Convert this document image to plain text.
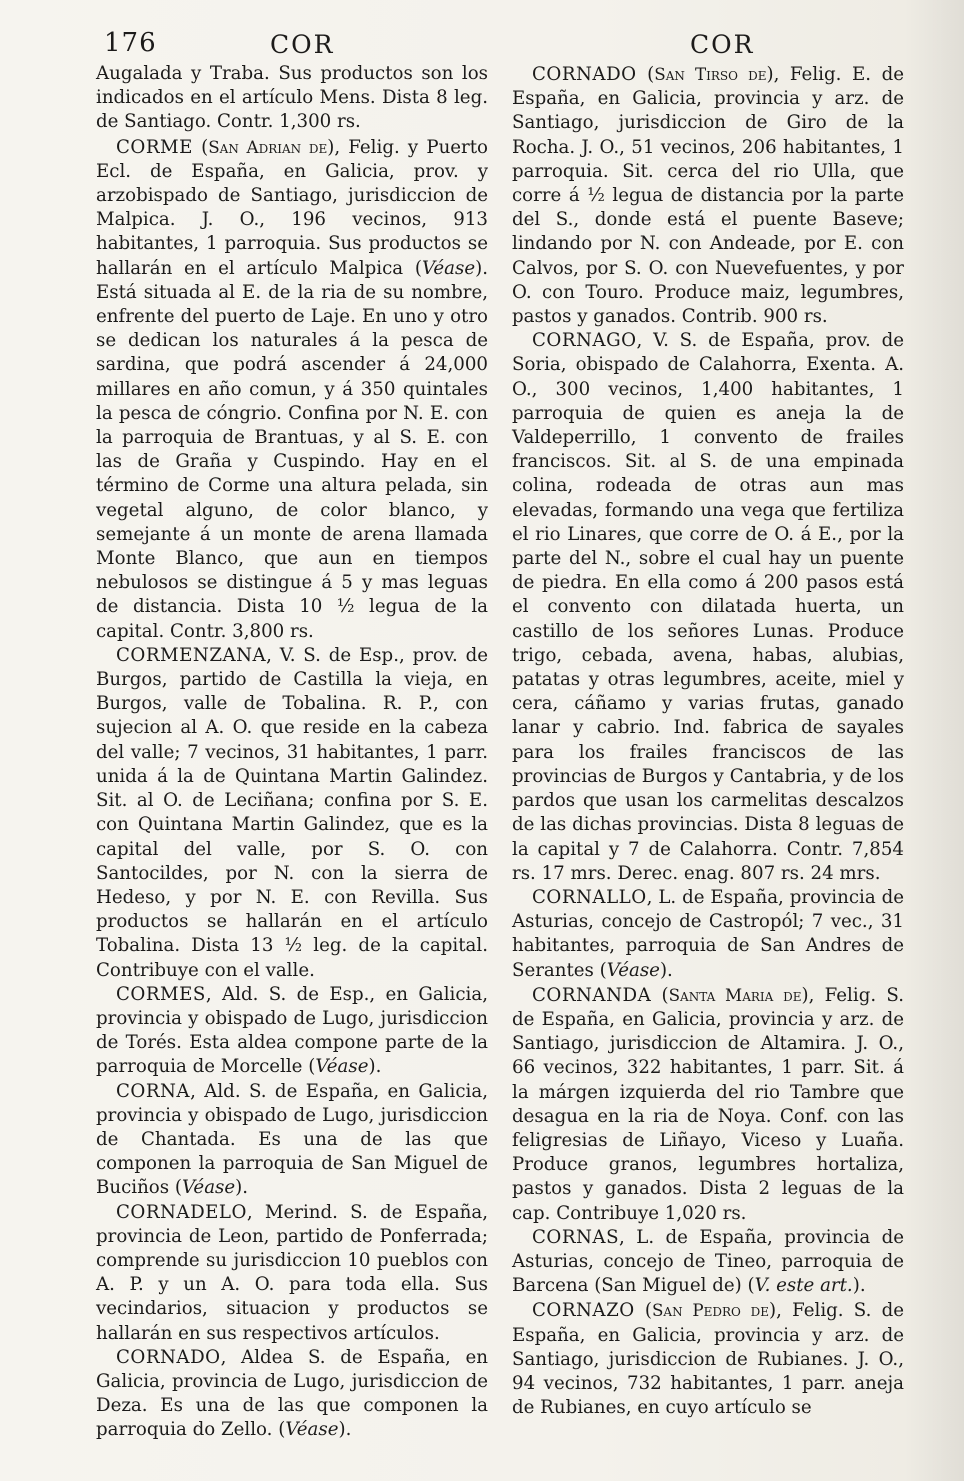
176	COR	COR

Augalada y Traba. Sus productos son los indicados en el artículo Mens. Dista 8 leg. de Santiago. Contr. 1,300 rs.

CORME (San Adrian de), Felig. y Puerto Ecl. de España, en Galicia, prov. y arzobispado de Santiago, jurisdiccion de Malpica. J. O., 196 vecinos, 913 habitantes, 1 parroquia. Sus productos se hallarán en el artículo Malpica (Véase). Está situada al E. de la ria de su nombre, enfrente del puerto de Laje. En uno y otro se dedican los naturales á la pesca de sardina, que podrá ascender á 24,000 millares en año comun, y á 350 quintales la pesca de cóngrio. Confina por N. E. con la parroquia de Brantuas, y al S. E. con las de Graña y Cuspindo. Hay en el término de Corme una altura pelada, sin vegetal alguno, de color blanco, y semejante á un monte de arena llamada Monte Blanco, que aun en tiempos nebulosos se distingue á 5 y mas leguas de distancia. Dista 10 ½ legua de la capital. Contr. 3,800 rs.

CORMENZANA, V. S. de Esp., prov. de Burgos, partido de Castilla la vieja, en Burgos, valle de Tobalina. R. P., con sujecion al A. O. que reside en la cabeza del valle; 7 vecinos, 31 habitantes, 1 parr. unida á la de Quintana Martin Galindez. Sit. al O. de Leciñana; confina por S. E. con Quintana Martin Galindez, que es la capital del valle, por S. O. con Santocildes, por N. con la sierra de Hedeso, y por N. E. con Revilla. Sus productos se hallarán en el artículo Tobalina. Dista 13 ½ leg. de la capital. Contribuye con el valle.

CORMES, Ald. S. de Esp., en Galicia, provincia y obispado de Lugo, jurisdiccion de Torés. Esta aldea compone parte de la parroquia de Morcelle (Véase).

CORNA, Ald. S. de España, en Galicia, provincia y obispado de Lugo, jurisdiccion de Chantada. Es una de las que componen la parroquia de San Miguel de Buciños (Véase).

CORNADELO, Merind. S. de España, provincia de Leon, partido de Ponferrada; comprende su jurisdiccion 10 pueblos con A. P. y un A. O. para toda ella. Sus vecindarios, situacion y productos se hallarán en sus respectivos artículos.

CORNADO, Aldea S. de España, en Galicia, provincia de Lugo, jurisdiccion de Deza. Es una de las que componen la parroquia do Zello. (Véase).

CORNADO (San Tirso de), Felig. E. de España, en Galicia, provincia y arz. de Santiago, jurisdiccion de Giro de la Rocha. J. O., 51 vecinos, 206 habitantes, 1 parroquia. Sit. cerca del rio Ulla, que corre á ½ legua de distancia por la parte del S., donde está el puente Baseve; lindando por N. con Andeade, por E. con Calvos, por S. O. con Nuevefuentes, y por O. con Touro. Produce maiz, legumbres, pastos y ganados. Contrib. 900 rs.

CORNAGO, V. S. de España, prov. de Soria, obispado de Calahorra, Exenta. A. O., 300 vecinos, 1,400 habitantes, 1 parroquia de quien es aneja la de Valdeperrillo, 1 convento de frailes franciscos. Sit. al S. de una empinada colina, rodeada de otras aun mas elevadas, formando una vega que fertiliza el rio Linares, que corre de O. á E., por la parte del N., sobre el cual hay un puente de piedra. En ella como á 200 pasos está el convento con dilatada huerta, un castillo de los señores Lunas. Produce trigo, cebada, avena, habas, alubias, patatas y otras legumbres, aceite, miel y cera, cáñamo y varias frutas, ganado lanar y cabrio. Ind. fabrica de sayales para los frailes franciscos de las provincias de Burgos y Cantabria, y de los pardos que usan los carmelitas descalzos de las dichas provincias. Dista 8 leguas de la capital y 7 de Calahorra. Contr. 7,854 rs. 17 mrs. Derec. enag. 807 rs. 24 mrs.

CORNALLO, L. de España, provincia de Asturias, concejo de Castropól; 7 vec., 31 habitantes, parroquia de San Andres de Serantes (Véase).

CORNANDA (Santa Maria de), Felig. S. de España, en Galicia, provincia y arz. de Santiago, jurisdiccion de Altamira. J. O., 66 vecinos, 322 habitantes, 1 parr. Sit. á la márgen izquierda del rio Tambre que desagua en la ria de Noya. Conf. con las feligresias de Liñayo, Viceso y Luaña. Produce granos, legumbres hortaliza, pastos y ganados. Dista 2 leguas de la cap. Contribuye 1,020 rs.

CORNAS, L. de España, provincia de Asturias, concejo de Tineo, parroquia de Barcena (San Miguel de) (V. este art.).

CORNAZO (San Pedro de), Felig. S. de España, en Galicia, provincia y arz. de Santiago, jurisdiccion de Rubianes. J. O., 94 vecinos, 732 habitantes, 1 parr. aneja de Rubianes, en cuyo artículo se
